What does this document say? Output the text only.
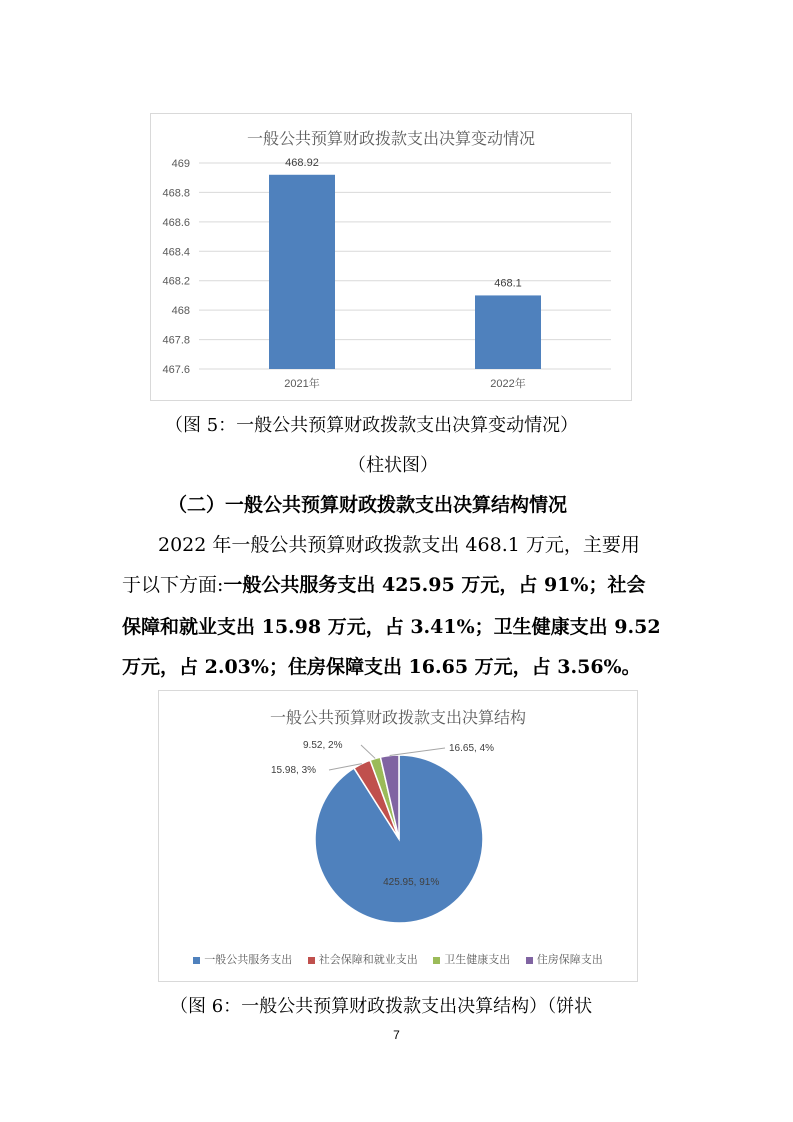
一般公共预算财政拨款支出决算变动情况
469
468.8
468.6
468.4
468.2
468
467.8
467.6
468.92
2021年
468.1
2022年
（图 5：一般公共预算财政拨款支出决算变动情况）
（柱状图）
（二）一般公共预算财政拨款支出决算结构情况
2022 年一般公共预算财政拨款支出 468.1 万元，主要用
于以下方面:一般公共服务支出 425.95 万元，占 91%；社会
保障和就业支出 15.98 万元，占 3.41%；卫生健康支出 9.52
万元，占 2.03%；住房保障支出 16.65 万元，占 3.56%。
一般公共预算财政拨款支出决算结构
425.95, 91%
15.98, 3%
9.52, 2%	16.65, 4%
一般公共服务支出 社会保障和就业支出 卫生健康支出 住房保障支出
（图 6：一般公共预算财政拨款支出决算结构）（饼状
7
